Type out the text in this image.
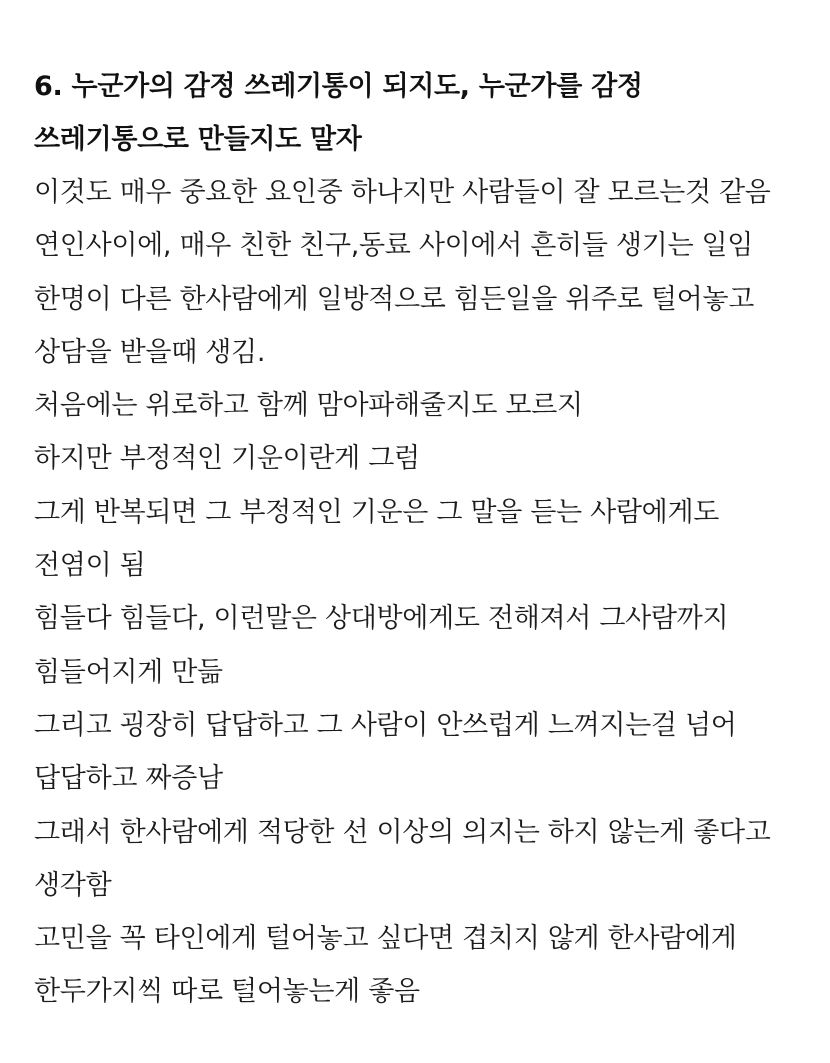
6. 누군가의 감정 쓰레기통이 되지도, 누군가를 감정
쓰레기통으로 만들지도 말자
이것도 매우 중요한 요인중 하나지만 사람들이 잘 모르는것 같음
연인사이에, 매우 친한 친구,동료 사이에서 흔히들 생기는 일임
한명이 다른 한사람에게 일방적으로 힘든일을 위주로 털어놓고
상담을 받을때 생김.
처음에는 위로하고 함께 맘아파해줄지도 모르지
하지만 부정적인 기운이란게 그럼
그게 반복되면 그 부정적인 기운은 그 말을 듣는 사람에게도
전염이 됨
힘들다 힘들다, 이런말은 상대방에게도 전해져서 그사람까지
힘들어지게 만듦
그리고 굉장히 답답하고 그 사람이 안쓰럽게 느껴지는걸 넘어
답답하고 짜증남
그래서 한사람에게 적당한 선 이상의 의지는 하지 않는게 좋다고
생각함
고민을 꼭 타인에게 털어놓고 싶다면 겹치지 않게 한사람에게
한두가지씩 따로 털어놓는게 좋음
